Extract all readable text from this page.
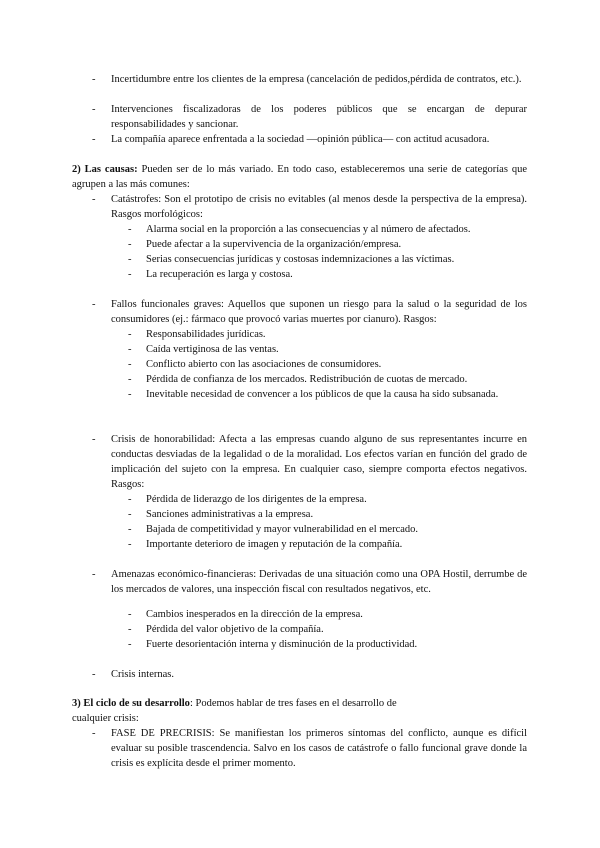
- Incertidumbre entre los clientes de la empresa (cancelación de pedidos,pérdida de contratos, etc.).

- Intervenciones fiscalizadoras de los poderes públicos que se encargan de depurar responsabilidades y sancionar.

- La compañía aparece enfrentada a la sociedad —opinión pública— con actitud acusadora.

2) Las causas: Pueden ser de lo más variado. En todo caso, estableceremos una serie de categorías que agrupen a las más comunes:

- Catástrofes: Son el prototipo de crisis no evitables (al menos desde la perspectiva de la empresa). Rasgos morfológicos:

- Alarma social en la proporción a las consecuencias y al número de afectados.

- Puede afectar a la supervivencia de la organización/empresa.

- Serias consecuencias jurídicas y costosas indemnizaciones a las víctimas.

- La recuperación es larga y costosa.

- Fallos funcionales graves: Aquellos que suponen un riesgo para la salud o la seguridad de los consumidores (ej.: fármaco que provocó varias muertes por cianuro). Rasgos:

- Responsabilidades jurídicas.

- Caída vertiginosa de las ventas.

- Conflicto abierto con las asociaciones de consumidores.

- Pérdida de confianza de los mercados. Redistribución de cuotas de mercado.

- Inevitable necesidad de convencer a los públicos de que la causa ha sido subsanada.

- Crisis de honorabilidad: Afecta a las empresas cuando alguno de sus representantes incurre en conductas desviadas de la legalidad o de la moralidad. Los efectos varían en función del grado de implicación del sujeto con la empresa. En cualquier caso, siempre comporta efectos negativos. Rasgos:

- Pérdida de liderazgo de los dirigentes de la empresa.

- Sanciones administrativas a la empresa.

- Bajada de competitividad y mayor vulnerabilidad en el mercado.

- Importante deterioro de imagen y reputación de la compañía.

- Amenazas económico-financieras: Derivadas de una situación como una OPA Hostil, derrumbe de los mercados de valores, una inspección fiscal con resultados negativos, etc.

- Cambios inesperados en la dirección de la empresa.

- Pérdida del valor objetivo de la compañía.

- Fuerte desorientación interna y disminución de la productividad.

- Crisis internas.

3) El ciclo de su desarrollo: Podemos hablar de tres fases en el desarrollo de cualquier crisis:

- FASE DE PRECRISIS: Se manifiestan los primeros síntomas del conflicto, aunque es difícil evaluar su posible trascendencia. Salvo en los casos de catástrofe o fallo funcional grave donde la crisis es explícita desde el primer momento.
